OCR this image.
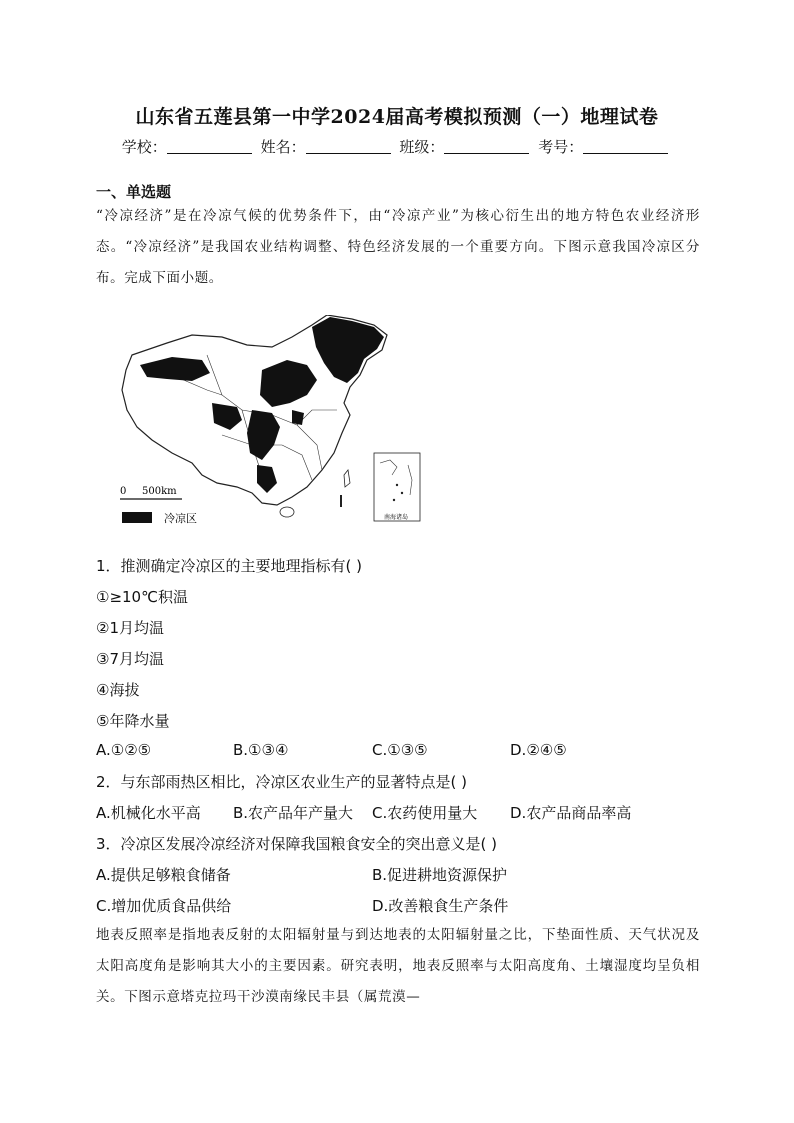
山东省五莲县第一中学2024届高考模拟预测（一）地理试卷
学校：	姓名：	班级：	考号：
一、单选题
“冷凉经济”是在冷凉气候的优势条件下，由“冷凉产业”为核心衍生出的地方特色农业经济形态。“冷凉经济”是我国农业结构调整、特色经济发展的一个重要方向。下图示意我国冷凉区分布。完成下面小题。
南海诸岛
0 500km
冷凉区
1．推测确定冷凉区的主要地理指标有( )
①≥10℃积温
②1月均温
③7月均温
④海拔
⑤年降水量
A.①②⑤	B.①③④	C.①③⑤	D.②④⑤
2．与东部雨热区相比，冷凉区农业生产的显著特点是( )
A.机械化水平高 B.农产品年产量大 C.农药使用量大 D.农产品商品率高
3．冷凉区发展冷凉经济对保障我国粮食安全的突出意义是( )
A.提供足够粮食储备	B.促进耕地资源保护
C.增加优质食品供给	D.改善粮食生产条件
地表反照率是指地表反射的太阳辐射量与到达地表的太阳辐射量之比，下垫面性质、天气状况及太阳高度角是影响其大小的主要因素。研究表明，地表反照率与太阳高度角、土壤湿度均呈负相关。下图示意塔克拉玛干沙漠南缘民丰县（属荒漠—
